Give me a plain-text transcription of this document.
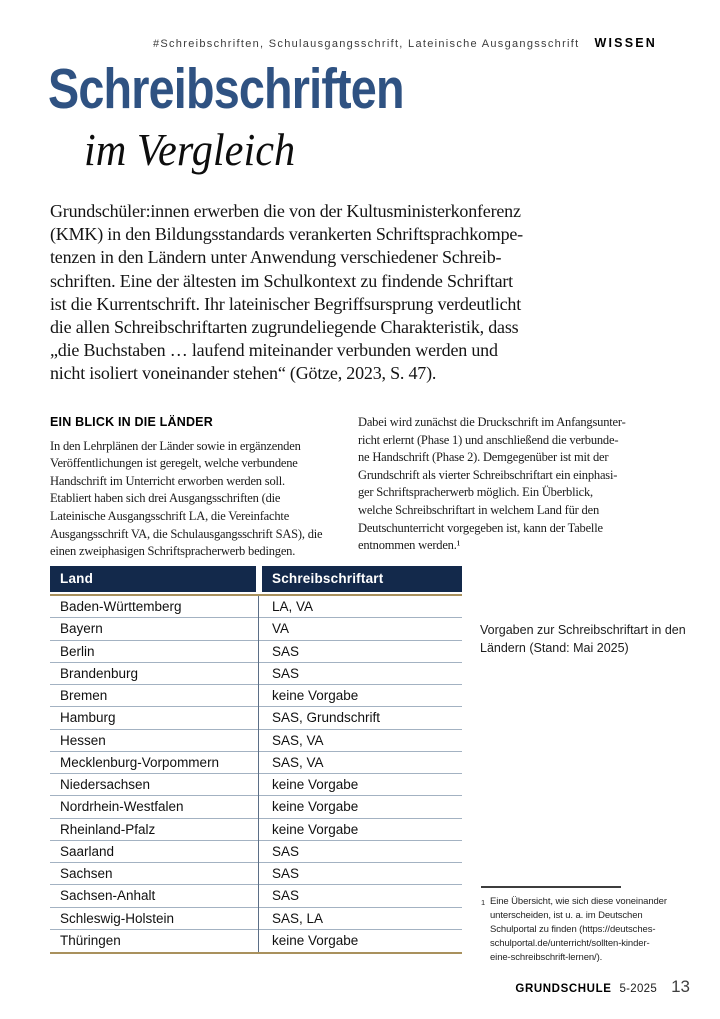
#Schreibschriften, Schulausgangsschrift, Lateinische Ausgangsschrift WISSEN
Schreibschriften
im Vergleich
Grundschüler:innen erwerben die von der Kultusministerkonferenz
(KMK) in den Bildungsstandards verankerten Schriftsprachkompe-
tenzen in den Ländern unter Anwendung verschiedener Schreib-
schriften. Eine der ältesten im Schulkontext zu findende Schriftart
ist die Kurrentschrift. Ihr lateinischer Begriffsursprung verdeutlicht
die allen Schreibschriftarten zugrundeliegende Charakteristik, dass
„die Buchstaben … laufend miteinander verbunden werden und
nicht isoliert voneinander stehen“ (Götze, 2023, S. 47).
EIN BLICK IN DIE LÄNDER
In den Lehrplänen der Länder sowie in ergänzenden
Veröffentlichungen ist geregelt, welche verbundene
Handschrift im Unterricht erworben werden soll.
Etabliert haben sich drei Ausgangsschriften (die
Lateinische Ausgangsschrift LA, die Vereinfachte
Ausgangsschrift VA, die Schulausgangsschrift SAS), die
einen zweiphasigen Schriftspracherwerb bedingen.
Dabei wird zunächst die Druckschrift im Anfangsunter-
richt erlernt (Phase 1) und anschließend die verbunde-
ne Handschrift (Phase 2). Demgegenüber ist mit der
Grundschrift als vierter Schreibschriftart ein einphasi-
ger Schriftspracherwerb möglich. Ein Überblick,
welche Schreibschriftart in welchem Land für den
Deutschunterricht vorgegeben ist, kann der Tabelle
entnommen werden.¹
Land	Schreibschriftart
Baden-Württemberg	LA, VA
Bayern	VA
Berlin	SAS
Brandenburg	SAS
Bremen	keine Vorgabe
Hamburg	SAS, Grundschrift
Hessen	SAS, VA
Mecklenburg-Vorpommern	SAS, VA
Niedersachsen	keine Vorgabe
Nordrhein-Westfalen	keine Vorgabe
Rheinland-Pfalz	keine Vorgabe
Saarland	SAS
Sachsen	SAS
Sachsen-Anhalt	SAS
Schleswig-Holstein	SAS, LA
Thüringen	keine Vorgabe
Vorgaben zur Schreibschriftart in den
Ländern (Stand: Mai 2025)
1 Eine Übersicht, wie sich diese voneinander
unterscheiden, ist u. a. im Deutschen
Schulportal zu finden (https://deutsches-
schulportal.de/unterricht/sollten-kinder-
eine-schreibschrift-lernen/).
GRUNDSCHULE 5-2025 13
